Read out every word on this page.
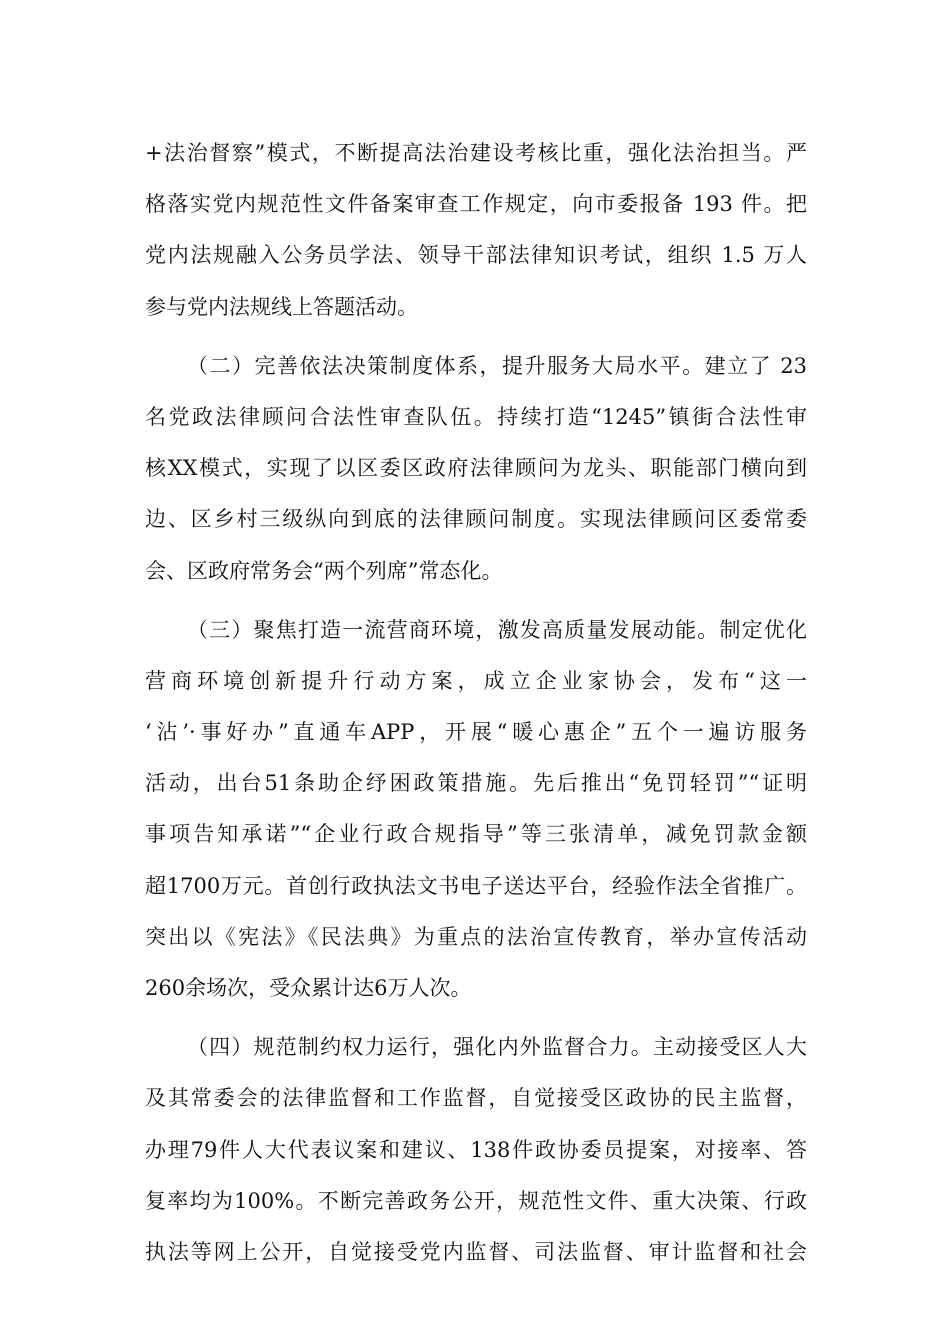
+法治督察”模式，不断提高法治建设考核比重，强化法治担当。严
格落实党内规范性文件备案审查工作规定，向市委报备 193 件。把
党内法规融入公务员学法、领导干部法律知识考试，组织 1.5 万人
参与党内法规线上答题活动。
（二）完善依法决策制度体系，提升服务大局水平。建立了 23
名党政法律顾问合法性审查队伍。持续打造“1245”镇街合法性审
核XX模式，实现了以区委区政府法律顾问为龙头、职能部门横向到
边、区乡村三级纵向到底的法律顾问制度。实现法律顾问区委常委
会、区政府常务会“两个列席”常态化。
（三）聚焦打造一流营商环境，激发高质量发展动能。制定优化
营商环境创新提升行动方案，成立企业家协会，发布“这一
‘沾’·事好办”直通车APP，开展“暖心惠企”五个一遍访服务
活动，出台51条助企纾困政策措施。先后推出“免罚轻罚”“证明
事项告知承诺”“企业行政合规指导”等三张清单，减免罚款金额
超1700万元。首创行政执法文书电子送达平台，经验作法全省推广。
突出以《宪法》《民法典》为重点的法治宣传教育，举办宣传活动
260余场次，受众累计达6万人次。
（四）规范制约权力运行，强化内外监督合力。主动接受区人大
及其常委会的法律监督和工作监督，自觉接受区政协的民主监督，
办理79件人大代表议案和建议、138件政协委员提案，对接率、答
复率均为100%。不断完善政务公开，规范性文件、重大决策、行政
执法等网上公开，自觉接受党内监督、司法监督、审计监督和社会
